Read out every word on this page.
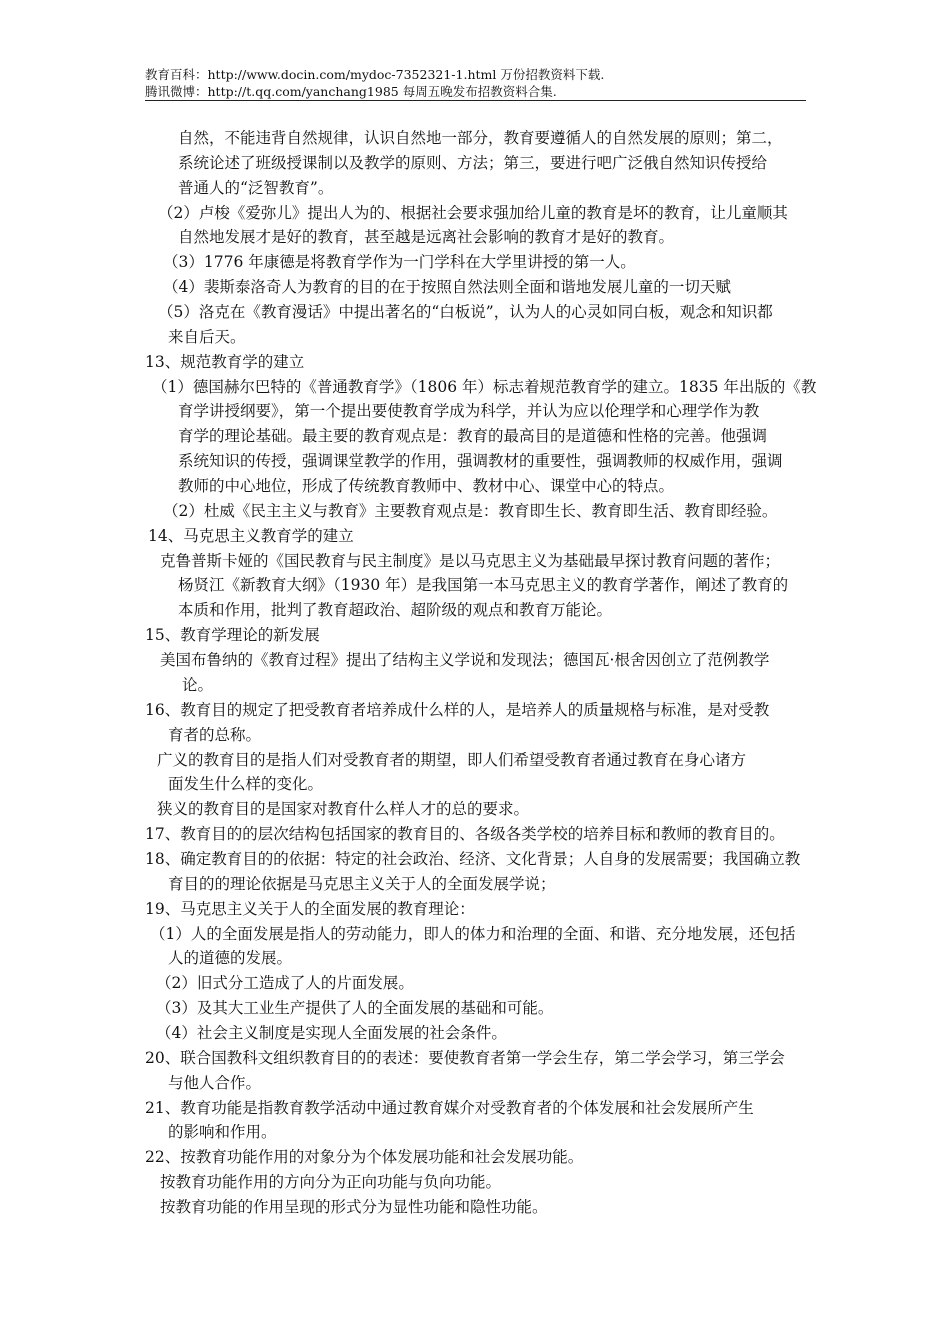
教育百科：http://www.docin.com/mydoc-7352321-1.html 万份招教资料下载.
腾讯微博：http://t.qq.com/yanchang1985 每周五晚发布招教资料合集.
自然，不能违背自然规律，认识自然地一部分，教育要遵循人的自然发展的原则；第二，
系统论述了班级授课制以及教学的原则、方法；第三，要进行吧广泛俄自然知识传授给
普通人的“泛智教育”。
（2）卢梭《爱弥儿》提出人为的、根据社会要求强加给儿童的教育是坏的教育，让儿童顺其
自然地发展才是好的教育，甚至越是远离社会影响的教育才是好的教育。
（3）1776 年康德是将教育学作为一门学科在大学里讲授的第一人。
（4）裴斯泰洛奇人为教育的目的在于按照自然法则全面和谐地发展儿童的一切天赋
（5）洛克在《教育漫话》中提出著名的“白板说”，认为人的心灵如同白板，观念和知识都
来自后天。
13、规范教育学的建立
（1）德国赫尔巴特的《普通教育学》（1806 年）标志着规范教育学的建立。1835 年出版的《教
育学讲授纲要》，第一个提出要使教育学成为科学，并认为应以伦理学和心理学作为教
育学的理论基础。最主要的教育观点是：教育的最高目的是道德和性格的完善。他强调
系统知识的传授，强调课堂教学的作用，强调教材的重要性，强调教师的权威作用，强调
教师的中心地位，形成了传统教育教师中、教材中心、课堂中心的特点。
（2）杜威《民主主义与教育》主要教育观点是：教育即生长、教育即生活、教育即经验。
14、马克思主义教育学的建立
克鲁普斯卡娅的《国民教育与民主制度》是以马克思主义为基础最早探讨教育问题的著作；
杨贤江《新教育大纲》（1930 年）是我国第一本马克思主义的教育学著作，阐述了教育的
本质和作用，批判了教育超政治、超阶级的观点和教育万能论。
15、教育学理论的新发展
美国布鲁纳的《教育过程》提出了结构主义学说和发现法；德国瓦·根舍因创立了范例教学
论。
16、教育目的规定了把受教育者培养成什么样的人，是培养人的质量规格与标准，是对受教
育者的总称。
广义的教育目的是指人们对受教育者的期望，即人们希望受教育者通过教育在身心诸方
面发生什么样的变化。
狭义的教育目的是国家对教育什么样人才的总的要求。
17、教育目的的层次结构包括国家的教育目的、各级各类学校的培养目标和教师的教育目的。
18、确定教育目的的依据：特定的社会政治、经济、文化背景；人自身的发展需要；我国确立教
育目的的理论依据是马克思主义关于人的全面发展学说；
19、马克思主义关于人的全面发展的教育理论：
（1）人的全面发展是指人的劳动能力，即人的体力和治理的全面、和谐、充分地发展，还包括
人的道德的发展。
（2）旧式分工造成了人的片面发展。
（3）及其大工业生产提供了人的全面发展的基础和可能。
（4）社会主义制度是实现人全面发展的社会条件。
20、联合国教科文组织教育目的的表述：要使教育者第一学会生存，第二学会学习，第三学会
与他人合作。
21、教育功能是指教育教学活动中通过教育媒介对受教育者的个体发展和社会发展所产生
的影响和作用。
22、按教育功能作用的对象分为个体发展功能和社会发展功能。
按教育功能作用的方向分为正向功能与负向功能。
按教育功能的作用呈现的形式分为显性功能和隐性功能。
